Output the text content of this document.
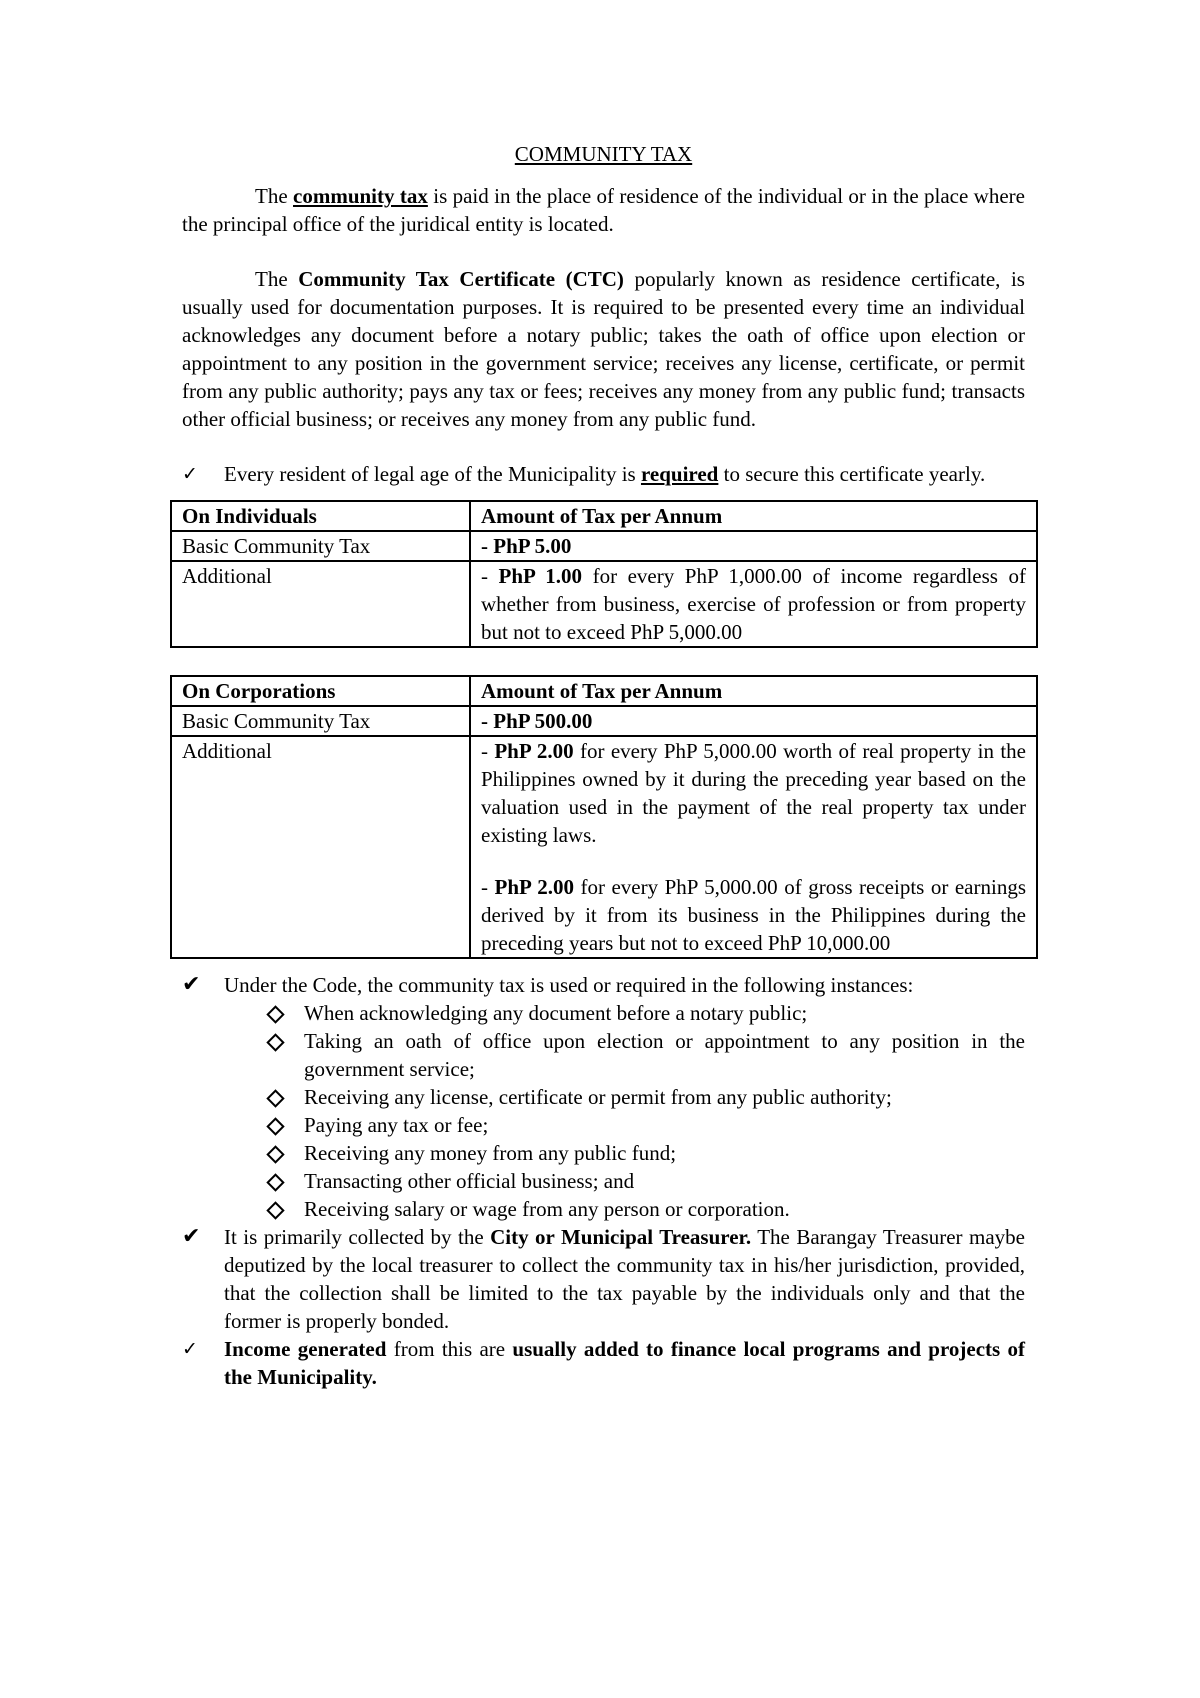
COMMUNITY TAX

The community tax is paid in the place of residence of the individual or in the place where the principal office of the juridical entity is located.

The Community Tax Certificate (CTC) popularly known as residence certificate, is usually used for documentation purposes. It is required to be presented every time an individual acknowledges any document before a notary public; takes the oath of office upon election or appointment to any position in the government service; receives any license, certificate, or permit from any public authority; pays any tax or fees; receives any money from any public fund; transacts other official business; or receives any money from any public fund.

✓	Every resident of legal age of the Municipality is required to secure this certificate yearly.
On Individuals	Amount of Tax per Annum
Basic Community Tax	- PhP 5.00
Additional	- PhP 1.00 for every PhP 1,000.00 of income regardless of whether from business, exercise of profession or from property but not to exceed PhP 5,000.00
On Corporations	Amount of Tax per Annum
Basic Community Tax	- PhP 500.00
Additional	- PhP 2.00 for every PhP 5,000.00 worth of real property in the Philippines owned by it during the preceding year based on the valuation used in the payment of the real property tax under existing laws.
- PhP 2.00 for every PhP 5,000.00 of gross receipts or earnings derived by it from its business in the Philippines during the preceding years but not to exceed PhP 10,000.00
✔	Under the Code, the community tax is used or required in the following instances:
When acknowledging any document before a notary public;
Taking an oath of office upon election or appointment to any position in the government service;
Receiving any license, certificate or permit from any public authority;
Paying any tax or fee;
Receiving any money from any public fund;
Transacting other official business; and
Receiving salary or wage from any person or corporation.
✔	It is primarily collected by the City or Municipal Treasurer. The Barangay Treasurer maybe deputized by the local treasurer to collect the community tax in his/her jurisdiction, provided, that the collection shall be limited to the tax payable by the individuals only and that the former is properly bonded.
✓	Income generated from this are usually added to finance local programs and projects of the Municipality.
